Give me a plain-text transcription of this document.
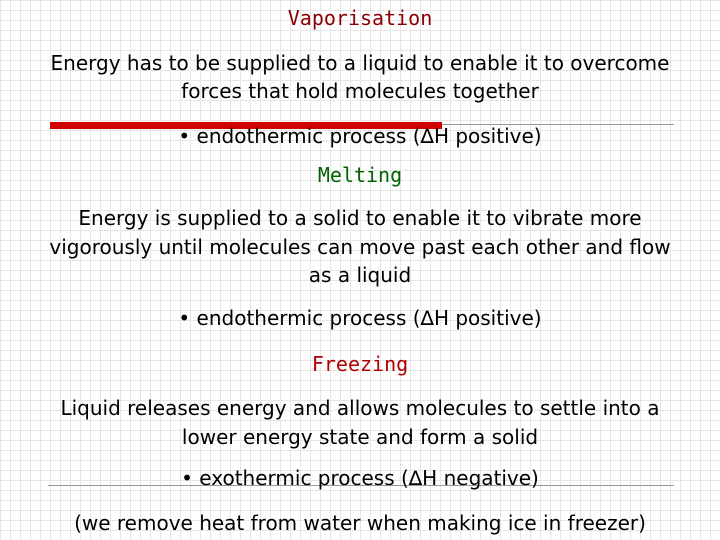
Vaporisation
Energy has to be supplied to a liquid to enable it to overcome
forces that hold molecules together
• endothermic process (∆H positive)
Melting
Energy is supplied to a solid to enable it to vibrate more
vigorously until molecules can move past each other and flow
as a liquid
• endothermic process (∆H positive)
Freezing
Liquid releases energy and allows molecules to settle into a
lower energy state and form a solid
• exothermic process (∆H negative)
(we remove heat from water when making ice in freezer)
